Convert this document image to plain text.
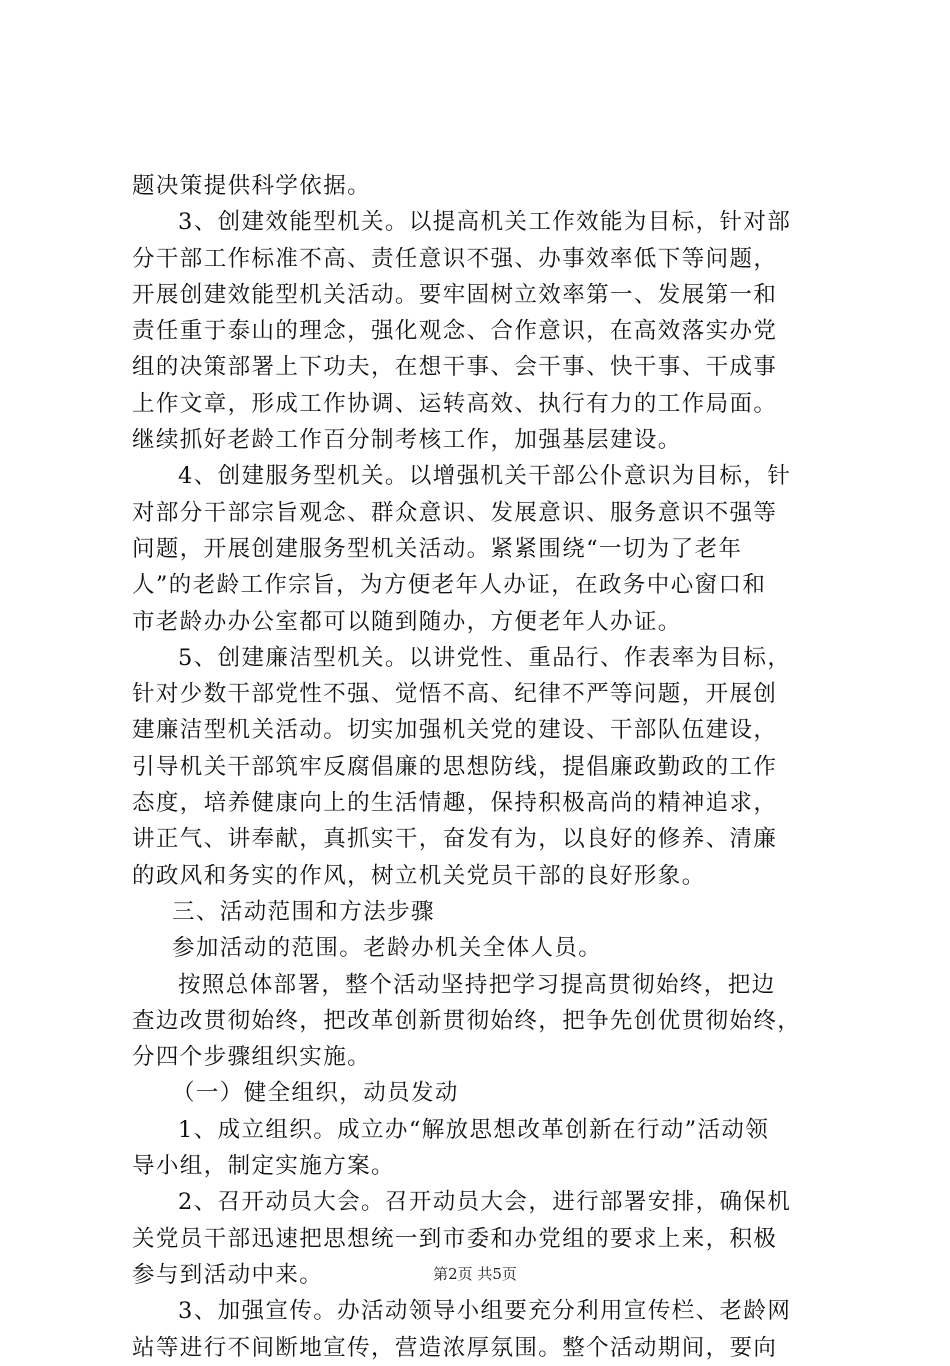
题决策提供科学依据。
3、创建效能型机关。以提高机关工作效能为目标，针对部
分干部工作标准不高、责任意识不强、办事效率低下等问题，
开展创建效能型机关活动。要牢固树立效率第一、发展第一和
责任重于泰山的理念，强化观念、合作意识，在高效落实办党
组的决策部署上下功夫，在想干事、会干事、快干事、干成事
上作文章，形成工作协调、运转高效、执行有力的工作局面。
继续抓好老龄工作百分制考核工作，加强基层建设。
4、创建服务型机关。以增强机关干部公仆意识为目标，针
对部分干部宗旨观念、群众意识、发展意识、服务意识不强等
问题，开展创建服务型机关活动。紧紧围绕“一切为了老年
人”的老龄工作宗旨，为方便老年人办证，在政务中心窗口和
市老龄办办公室都可以随到随办，方便老年人办证。
5、创建廉洁型机关。以讲党性、重品行、作表率为目标，
针对少数干部党性不强、觉悟不高、纪律不严等问题，开展创
建廉洁型机关活动。切实加强机关党的建设、干部队伍建设，
引导机关干部筑牢反腐倡廉的思想防线，提倡廉政勤政的工作
态度，培养健康向上的生活情趣，保持积极高尚的精神追求，
讲正气、讲奉献，真抓实干，奋发有为，以良好的修养、清廉
的政风和务实的作风，树立机关党员干部的良好形象。
三、活动范围和方法步骤
参加活动的范围。老龄办机关全体人员。
按照总体部署，整个活动坚持把学习提高贯彻始终，把边
查边改贯彻始终，把改革创新贯彻始终，把争先创优贯彻始终，
分四个步骤组织实施。
（一）健全组织，动员发动
1、成立组织。成立办“解放思想改革创新在行动”活动领
导小组，制定实施方案。
2、召开动员大会。召开动员大会，进行部署安排，确保机
关党员干部迅速把思想统一到市委和办党组的要求上来，积极
参与到活动中来。
3、加强宣传。办活动领导小组要充分利用宣传栏、老龄网
站等进行不间断地宣传，营造浓厚氛围。整个活动期间，要向
第2页 共5页
